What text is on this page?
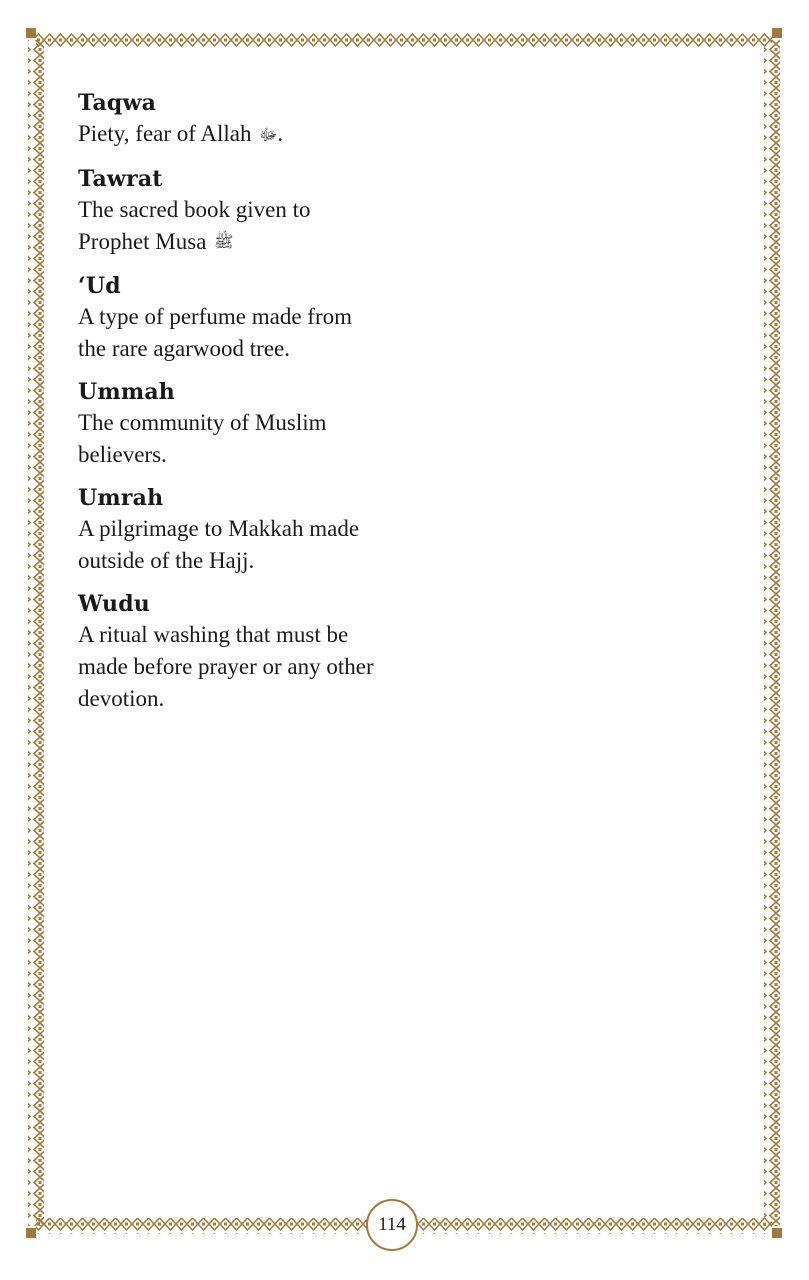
Taqwa
Piety, fear of Allah ﷻ.
Tawrat
The sacred book given to Prophet Musa ﷺ
‘Ud
A type of perfume made from the rare agarwood tree.
Ummah
The community of Muslim believers.
Umrah
A pilgrimage to Makkah made outside of the Hajj.
Wudu
A ritual washing that must be made before prayer or any other devotion.
114
